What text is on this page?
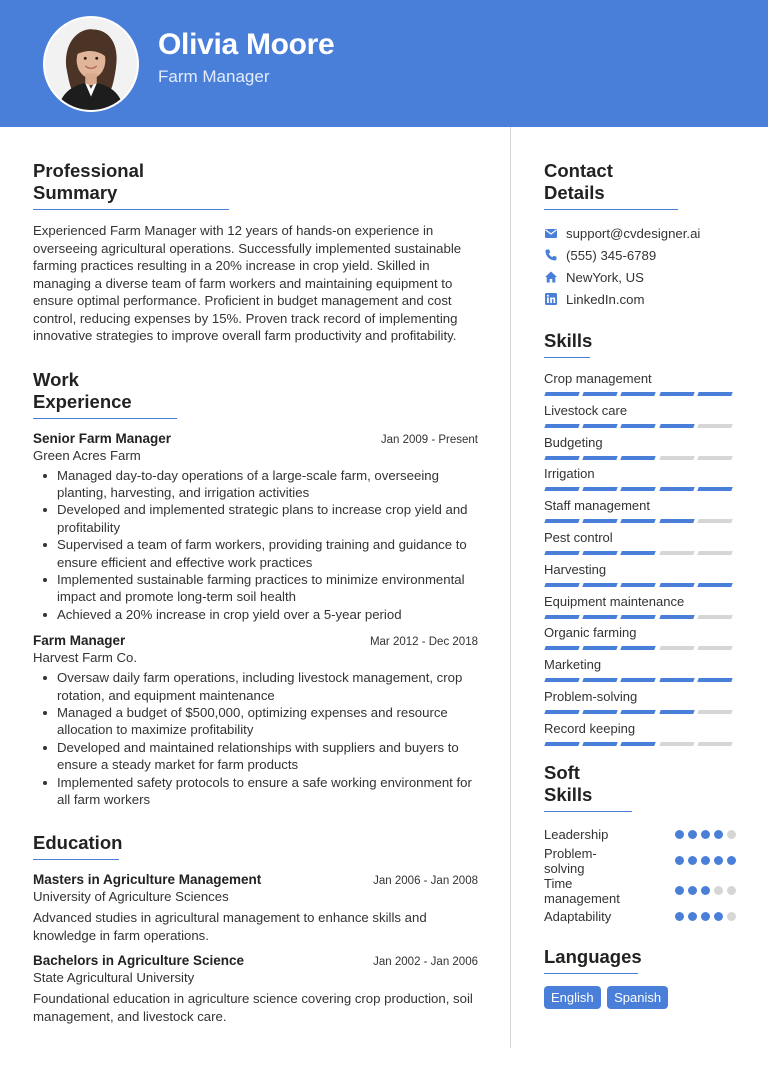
Olivia Moore
Farm Manager
Professional Summary

Experienced Farm Manager with 12 years of hands-on experience in overseeing agricultural operations. Successfully implemented sustainable farming practices resulting in a 20% increase in crop yield. Skilled in managing a diverse team of farm workers and maintaining equipment to ensure optimal performance. Proficient in budget management and cost control, reducing expenses by 15%. Proven track record of implementing innovative strategies to improve overall farm productivity and profitability.

Work Experience
Senior Farm Manager	Jan 2009 - Present
Green Acres Farm
Managed day-to-day operations of a large-scale farm, overseeing planting, harvesting, and irrigation activities
Developed and implemented strategic plans to increase crop yield and profitability
Supervised a team of farm workers, providing training and guidance to ensure efficient and effective work practices
Implemented sustainable farming practices to minimize environmental impact and promote long-term soil health
Achieved a 20% increase in crop yield over a 5-year period
Farm Manager	Mar 2012 - Dec 2018
Harvest Farm Co.
Oversaw daily farm operations, including livestock management, crop rotation, and equipment maintenance
Managed a budget of $500,000, optimizing expenses and resource allocation to maximize profitability
Developed and maintained relationships with suppliers and buyers to ensure a steady market for farm products
Implemented safety protocols to ensure a safe working environment for all farm workers
Education
Masters in Agriculture Management	Jan 2006 - Jan 2008
University of Agriculture Sciences

Advanced studies in agricultural management to enhance skills and knowledge in farm operations.

Bachelors in Agriculture Science	Jan 2002 - Jan 2006
State Agricultural University

Foundational education in agriculture science covering crop production, soil management, and livestock care.

Contact Details
support@cvdesigner.ai
(555) 345-6789
NewYork, US
LinkedIn.com
Skills
Crop management
Livestock care
Budgeting
Irrigation
Staff management
Pest control
Harvesting
Equipment maintenance
Organic farming
Marketing
Problem-solving
Record keeping
Soft Skills
Leadership
Problem-solving
Time management
Adaptability
Languages
English Spanish
